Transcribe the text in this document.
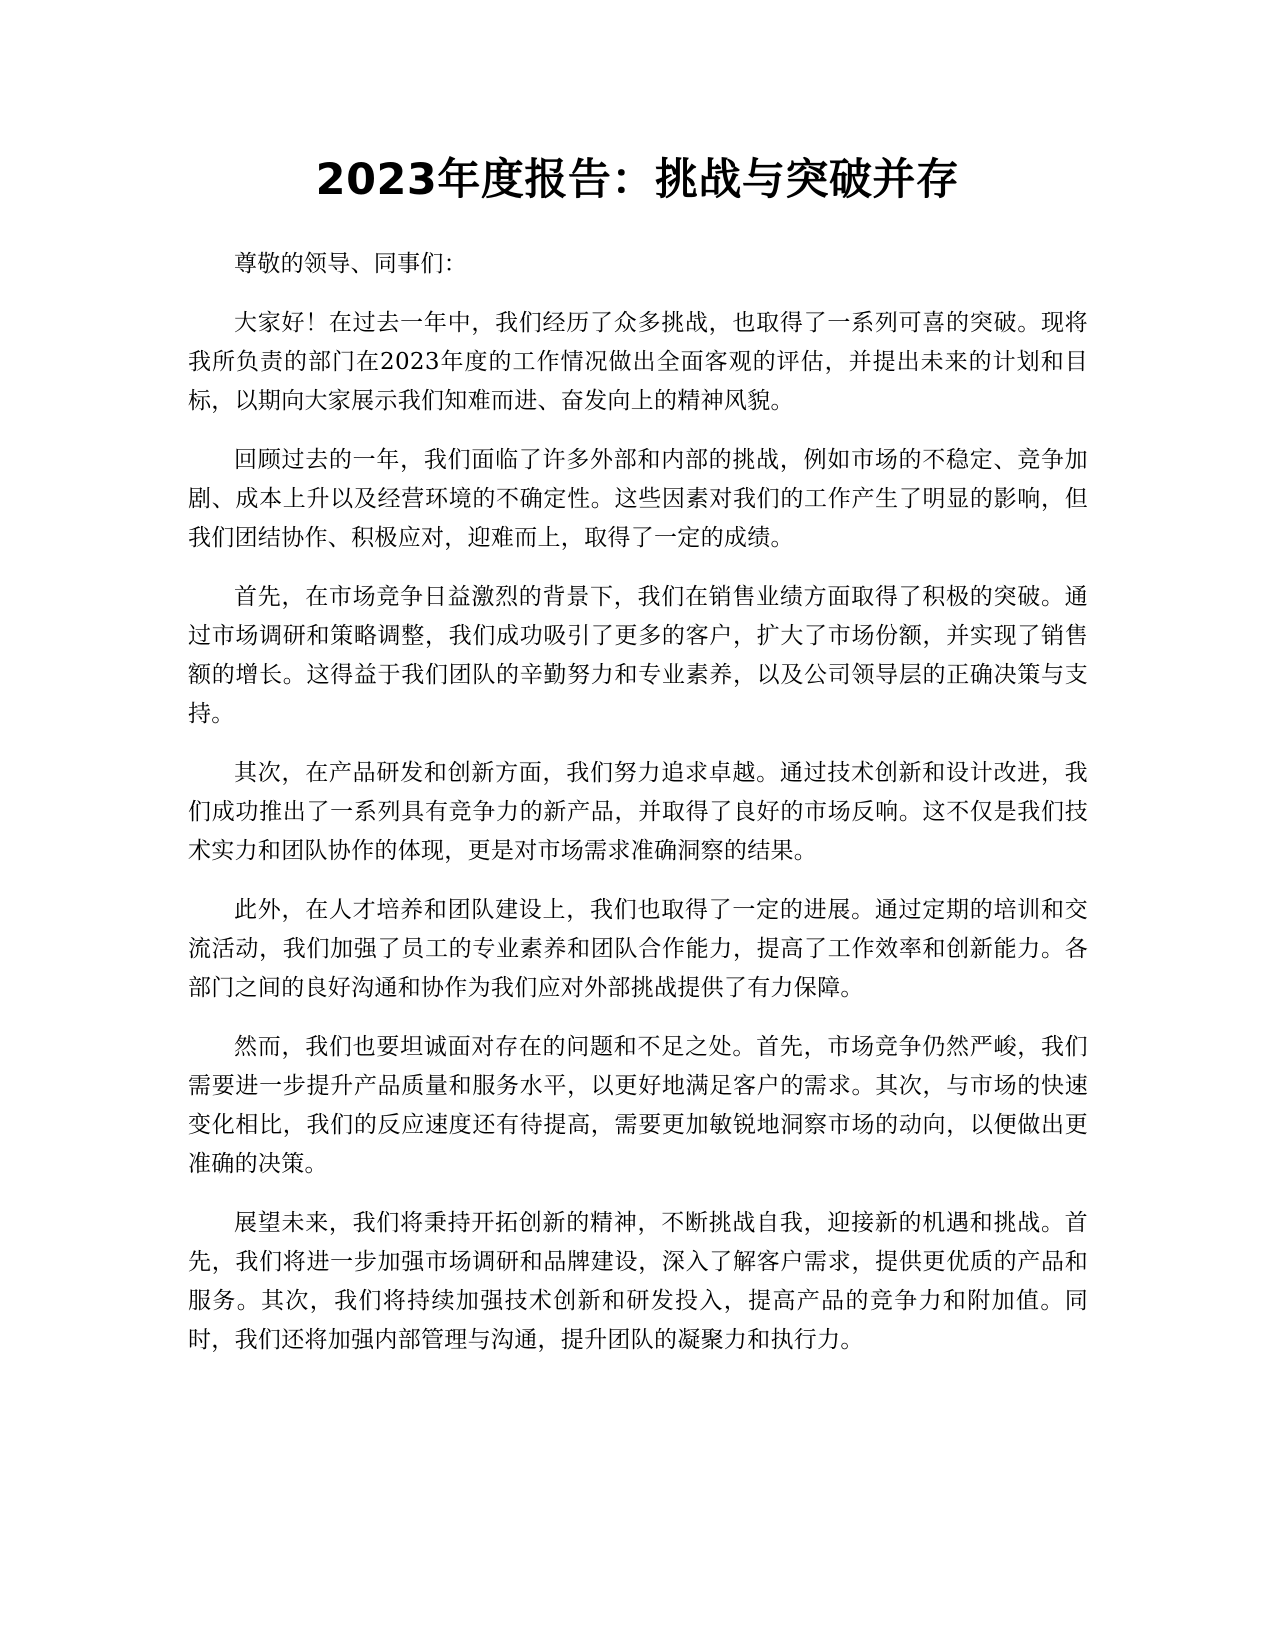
2023年度报告：挑战与突破并存

尊敬的领导、同事们：

大家好！在过去一年中，我们经历了众多挑战，也取得了一系列可喜的突破。现将我所负责的部门在2023年度的工作情况做出全面客观的评估，并提出未来的计划和目标，以期向大家展示我们知难而进、奋发向上的精神风貌。

回顾过去的一年，我们面临了许多外部和内部的挑战，例如市场的不稳定、竞争加剧、成本上升以及经营环境的不确定性。这些因素对我们的工作产生了明显的影响，但我们团结协作、积极应对，迎难而上，取得了一定的成绩。

首先，在市场竞争日益激烈的背景下，我们在销售业绩方面取得了积极的突破。通过市场调研和策略调整，我们成功吸引了更多的客户，扩大了市场份额，并实现了销售额的增长。这得益于我们团队的辛勤努力和专业素养，以及公司领导层的正确决策与支持。

其次，在产品研发和创新方面，我们努力追求卓越。通过技术创新和设计改进，我们成功推出了一系列具有竞争力的新产品，并取得了良好的市场反响。这不仅是我们技术实力和团队协作的体现，更是对市场需求准确洞察的结果。

此外，在人才培养和团队建设上，我们也取得了一定的进展。通过定期的培训和交流活动，我们加强了员工的专业素养和团队合作能力，提高了工作效率和创新能力。各部门之间的良好沟通和协作为我们应对外部挑战提供了有力保障。

然而，我们也要坦诚面对存在的问题和不足之处。首先，市场竞争仍然严峻，我们需要进一步提升产品质量和服务水平，以更好地满足客户的需求。其次，与市场的快速变化相比，我们的反应速度还有待提高，需要更加敏锐地洞察市场的动向，以便做出更准确的决策。

展望未来，我们将秉持开拓创新的精神，不断挑战自我，迎接新的机遇和挑战。首先，我们将进一步加强市场调研和品牌建设，深入了解客户需求，提供更优质的产品和服务。其次，我们将持续加强技术创新和研发投入，提高产品的竞争力和附加值。同时，我们还将加强内部管理与沟通，提升团队的凝聚力和执行力。
